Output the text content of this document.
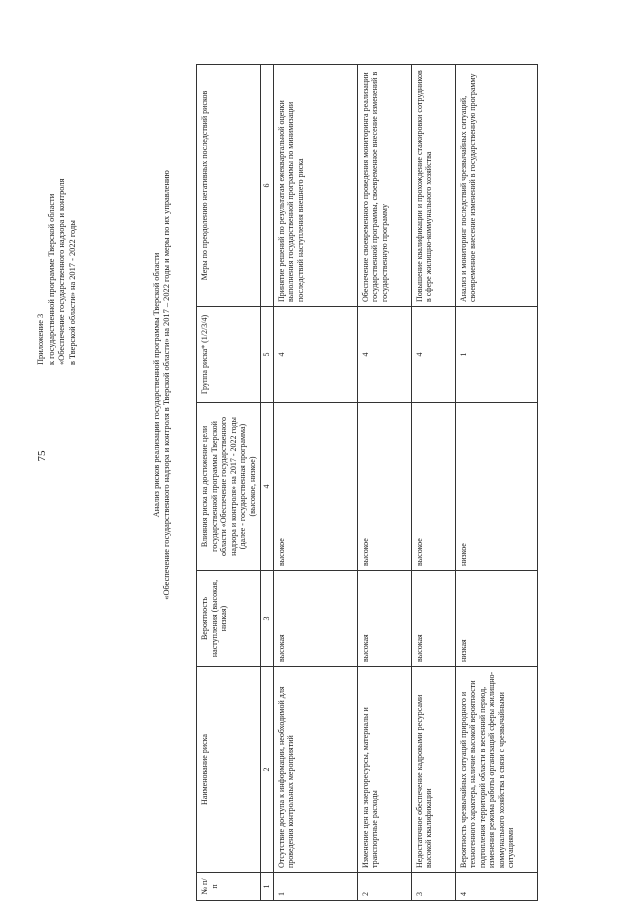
75
Приложение 3 к государственной программе Тверской области «Обеспечение государственного надзора и контроля в Тверской области» на 2017 - 2022 годы	Анализ рисков реализации государственной программы Тверской области «Обеспечение государственного надзора и контроля в Тверской области» на 2017 – 2022 годы и меры по их управлению
№ п/п	Наименование риска	Вероятность наступления (высокая, низкая)	Влияния риска на достижение цели государственной программы Тверской области «Обеспечение государственного надзора и контроля» на 2017 - 2022 годы (далее - государственная программа) (высокое, низкое)	Группа риска* (1/2/3/4)	Меры по преодолению негативных последствий рисков
1	2	3	4	5	6
1	Отсутствие доступа к информации, необходимой для проведения контрольных мероприятий	высокая	высокое	4	Принятие решений по результатам ежеквартальной оценки выполнения государственной программы по минимизации последствий наступления внешнего риска
2	Изменение цен на энергоресурсы, материалы и транспортные расходы	высокая	высокое	4	Обеспечение своевременного проведения мониторинга реализации государственной программы, своевременное внесение изменений в государственную программу
3	Недостаточное обеспечение кадровыми ресурсами высокой квалификации	высокая	высокое	4	Повышение квалификации и прохождение стажировки сотрудников в сфере жилищно-коммунального хозяйства
4	Вероятность чрезвычайных ситуаций природного и техногенного характера, наличие высокой вероятности подтопления территорий области в весенний период, изменения режима работы организаций сферы жилищно-коммунального хозяйства в связи с чрезвычайными ситуациями	низкая	низкое	1	Анализ и мониторинг последствий чрезвычайных ситуаций, своевременное внесение изменений в государственную программу
